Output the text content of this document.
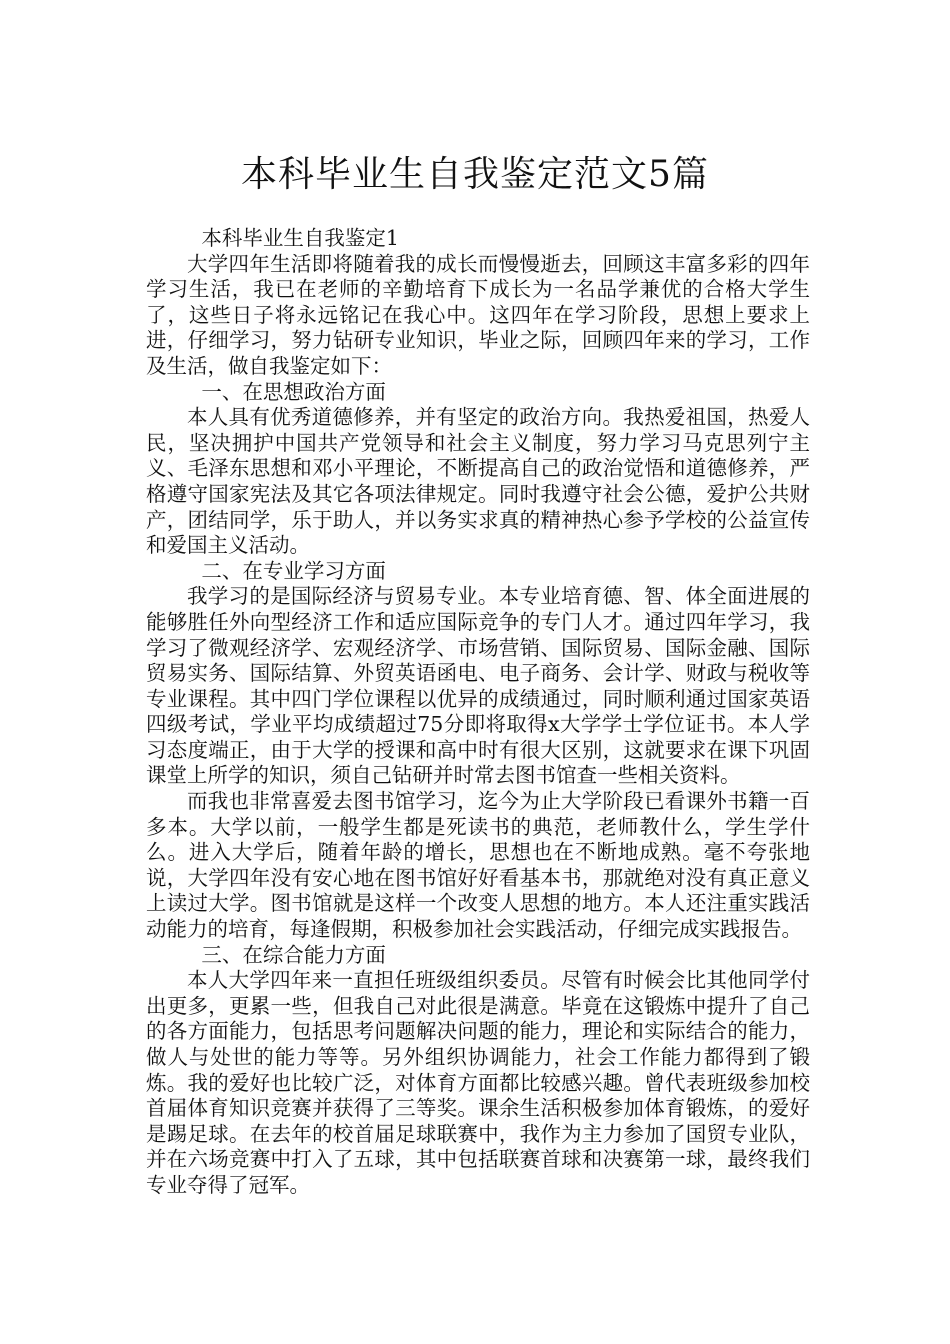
本科毕业生自我鉴定范文5篇

本科毕业生自我鉴定1

大学四年生活即将随着我的成长而慢慢逝去，回顾这丰富多彩的四年学习生活，我已在老师的辛勤培育下成长为一名品学兼优的合格大学生了，这些日子将永远铭记在我心中。这四年在学习阶段，思想上要求上进，仔细学习，努力钻研专业知识，毕业之际，回顾四年来的学习，工作及生活，做自我鉴定如下：

一、在思想政治方面

本人具有优秀道德修养，并有坚定的政治方向。我热爱祖国，热爱人民，坚决拥护中国共产党领导和社会主义制度，努力学习马克思列宁主义、毛泽东思想和邓小平理论，不断提高自己的政治觉悟和道德修养，严格遵守国家宪法及其它各项法律规定。同时我遵守社会公德，爱护公共财产，团结同学，乐于助人，并以务实求真的精神热心参予学校的公益宣传和爱国主义活动。

二、在专业学习方面

我学习的是国际经济与贸易专业。本专业培育德、智、体全面进展的能够胜任外向型经济工作和适应国际竞争的专门人才。通过四年学习，我学习了微观经济学、宏观经济学、市场营销、国际贸易、国际金融、国际贸易实务、国际结算、外贸英语函电、电子商务、会计学、财政与税收等专业课程。其中四门学位课程以优异的成绩通过，同时顺利通过国家英语四级考试，学业平均成绩超过75分即将取得x大学学士学位证书。本人学习态度端正，由于大学的授课和高中时有很大区别，这就要求在课下巩固课堂上所学的知识，须自己钻研并时常去图书馆查一些相关资料。

而我也非常喜爱去图书馆学习，迄今为止大学阶段已看课外书籍一百多本。大学以前，一般学生都是死读书的典范，老师教什么，学生学什么。进入大学后，随着年龄的增长，思想也在不断地成熟。毫不夸张地说，大学四年没有安心地在图书馆好好看基本书，那就绝对没有真正意义上读过大学。图书馆就是这样一个改变人思想的地方。本人还注重实践活动能力的培育，每逢假期，积极参加社会实践活动，仔细完成实践报告。

三、在综合能力方面

本人大学四年来一直担任班级组织委员。尽管有时候会比其他同学付出更多，更累一些，但我自己对此很是满意。毕竟在这锻炼中提升了自己的各方面能力，包括思考问题解决问题的能力，理论和实际结合的能力，做人与处世的能力等等。另外组织协调能力，社会工作能力都得到了锻炼。我的爱好也比较广泛，对体育方面都比较感兴趣。曾代表班级参加校首届体育知识竞赛并获得了三等奖。课余生活积极参加体育锻炼，的爱好是踢足球。在去年的校首届足球联赛中，我作为主力参加了国贸专业队，并在六场竞赛中打入了五球，其中包括联赛首球和决赛第一球，最终我们专业夺得了冠军。
